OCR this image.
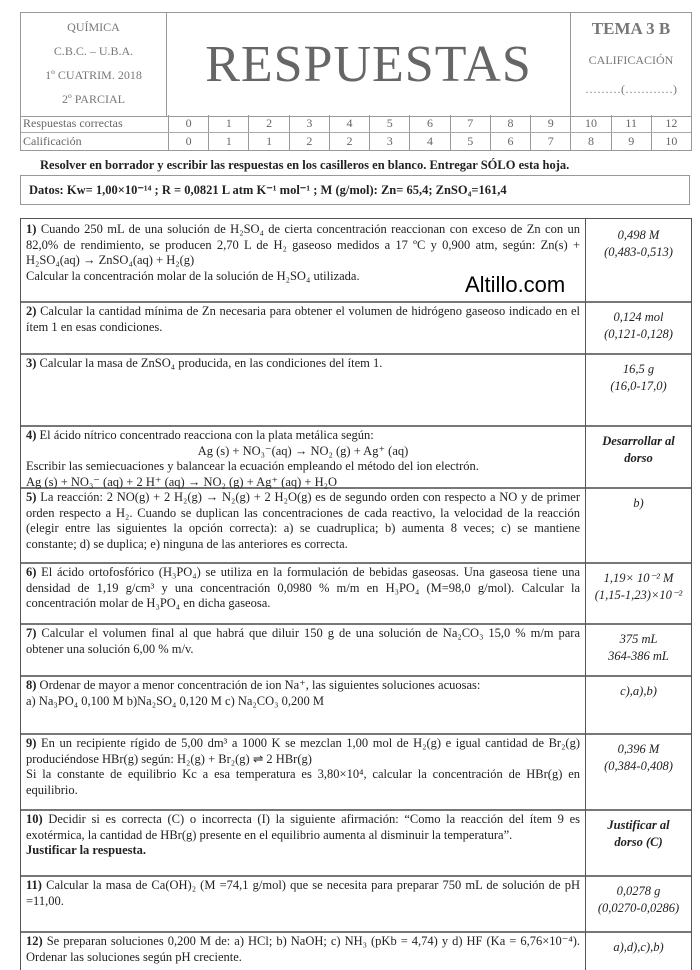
QUÍMICA
C.B.C. – U.B.A.
1º CUATRIM. 2018
2º PARCIAL
RESPUESTAS
TEMA 3 B
CALIFICACIÓN
………(…………)
Respuestas correctas	0	1	2	3	4	5	6	7	8	9	10	11	12
Calificación	0	1	1	2	2	3	4	5	6	7	8	9	10
Resolver en borrador y escribir las respuestas en los casilleros en blanco. Entregar SÓLO esta hoja.
Datos: Kw= 1,00×10⁻¹⁴ ; R = 0,0821 L atm K⁻¹ mol⁻¹ ; M (g/mol): Zn= 65,4; ZnSO₄=161,4
1) Cuando 250 mL de una solución de H₂SO₄ de cierta concentración reaccionan con exceso de Zn con un 82,0% de rendimiento, se producen 2,70 L de H₂ gaseoso medidos a 17 ºC y 0,900 atm, según: Zn(s) + H₂SO₄(aq) → ZnSO₄(aq) + H₂(g)
Calcular la concentración molar de la solución de H₂SO₄ utilizada.
0,498 M
(0,483-0,513)
2) Calcular la cantidad mínima de Zn necesaria para obtener el volumen de hidrógeno gaseoso indicado en el ítem 1 en esas condiciones.
0,124 mol
(0,121-0,128)
3) Calcular la masa de ZnSO₄ producida, en las condiciones del ítem 1.	16,5 g
(16,0-17,0)
4) El ácido nítrico concentrado reacciona con la plata metálica según:
Ag (s) + NO₃⁻(aq) → NO₂ (g) + Ag⁺ (aq)
Escribir las semiecuaciones y balancear la ecuación empleando el método del ion electrón.
Ag (s) + NO₃⁻ (aq) + 2 H⁺ (aq) → NO₂ (g) + Ag⁺ (aq) + H₂O
Desarrollar al
dorso
5) La reacción: 2 NO(g) + 2 H₂(g) → N₂(g) + 2 H₂O(g) es de segundo orden con respecto a NO y de primer orden respecto a H₂. Cuando se duplican las concentraciones de cada reactivo, la velocidad de la reacción (elegir entre las siguientes la opción correcta): a) se cuadruplica; b) aumenta 8 veces; c) se mantiene constante; d) se duplica; e) ninguna de las anteriores es correcta.
b)
6) El ácido ortofosfórico (H₃PO₄) se utiliza en la formulación de bebidas gaseosas. Una gaseosa tiene una densidad de 1,19 g/cm³ y una concentración 0,0980 % m/m en H₃PO₄ (M=98,0 g/mol). Calcular la concentración molar de H₃PO₄ en dicha gaseosa.
1,19× 10⁻² M
(1,15-1,23)×10⁻²
7) Calcular el volumen final al que habrá que diluir 150 g de una solución de Na₂CO₃ 15,0 % m/m para obtener una solución 6,00 % m/v.
375 mL
364-386 mL
8) Ordenar de mayor a menor concentración de ion Na⁺, las siguientes soluciones acuosas:
a) Na₃PO₄ 0,100 M b)Na₂SO₄ 0,120 M c) Na₂CO₃ 0,200 M
c),a),b)
9) En un recipiente rígido de 5,00 dm³ a 1000 K se mezclan 1,00 mol de H₂(g) e igual cantidad de Br₂(g) produciéndose HBr(g) según: H₂(g) + Br₂(g) ⇌ 2 HBr(g)
Si la constante de equilibrio Kc a esa temperatura es 3,80×10⁴, calcular la concentración de HBr(g) en equilibrio.
0,396 M
(0,384-0,408)
10) Decidir si es correcta (C) o incorrecta (I) la siguiente afirmación: “Como la reacción del ítem 9 es exotérmica, la cantidad de HBr(g) presente en el equilibrio aumenta al disminuir la temperatura”.
Justificar la respuesta.
Justificar al
dorso (C)
11) Calcular la masa de Ca(OH)₂ (M =74,1 g/mol) que se necesita para preparar 750 mL de solución de pH =11,00.
0,0278 g
(0,0270-0,0286)
12) Se preparan soluciones 0,200 M de: a) HCl; b) NaOH; c) NH₃ (pKb = 4,74) y d) HF (Ka = 6,76×10⁻⁴). Ordenar las soluciones según pH creciente.
a),d),c),b)
Altillo.com
